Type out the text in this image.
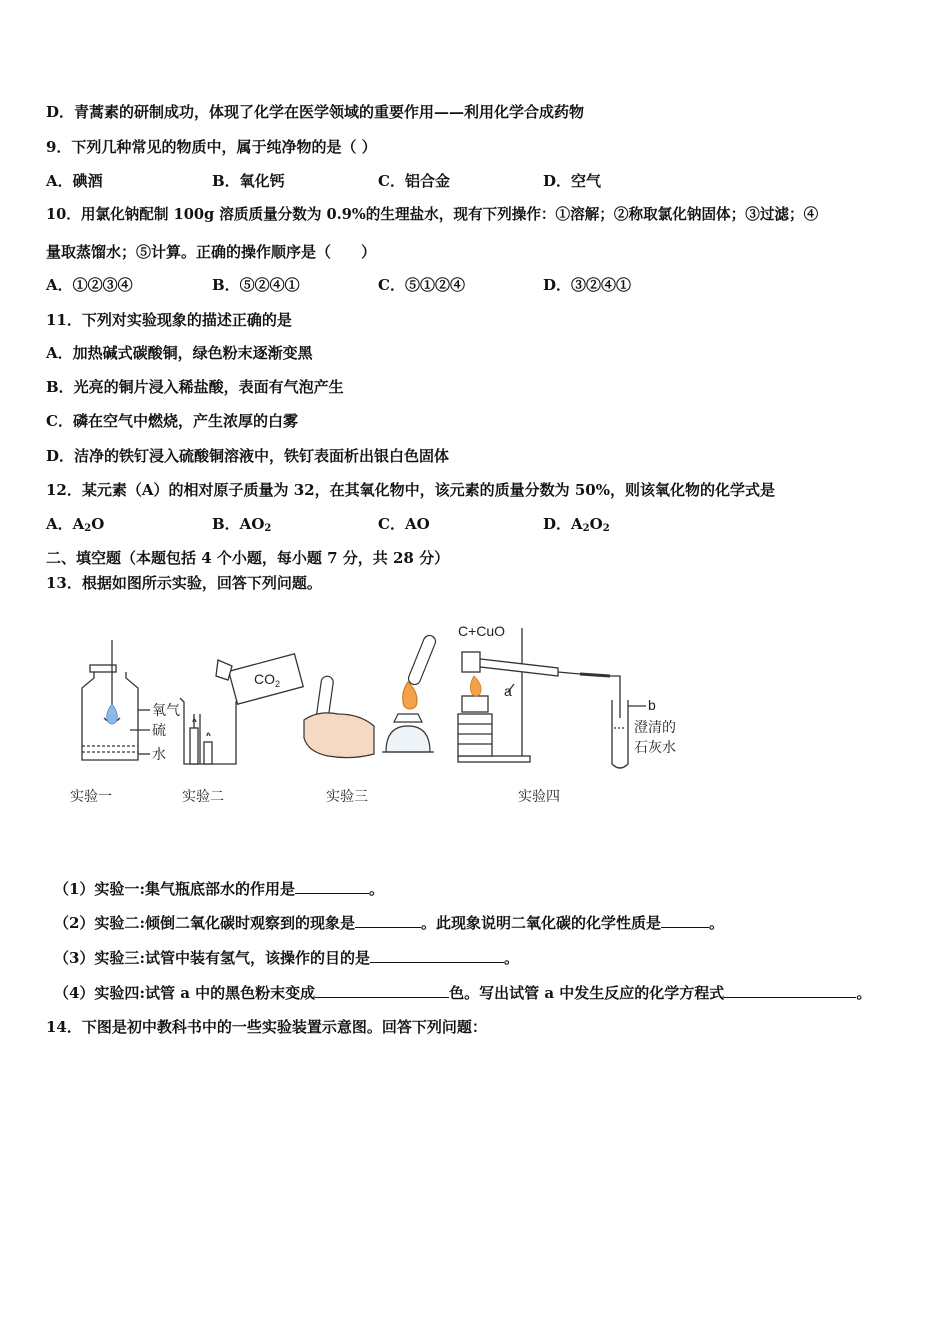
D．青蒿素的研制成功，体现了化学在医学领域的重要作用——利用化学合成药物
9．下列几种常见的物质中，属于纯净物的是（ ）
A．碘酒	B．氧化钙	C．铝合金	D．空气
10．用氯化钠配制 100g 溶质质量分数为 0.9%的生理盐水，现有下列操作：①溶解；②称取氯化钠固体；③过滤；④
量取蒸馏水；⑤计算。正确的操作顺序是（　　）
A．①②③④	B．⑤②④①	C．⑤①②④	D．③②④①
11．下列对实验现象的描述正确的是
A．加热碱式碳酸铜，绿色粉末逐渐变黑
B．光亮的铜片浸入稀盐酸，表面有气泡产生
C．磷在空气中燃烧，产生浓厚的白雾
D．洁净的铁钉浸入硫酸铜溶液中，铁钉表面析出银白色固体
12．某元素（A）的相对原子质量为 32，在其氧化物中，该元素的质量分数为 50%，则该氧化物的化学式是
A．$A_2O$	B．$AO_2$	C．AO	D．$A_2O_2$
二、填空题（本题包括 4 个小题，每小题 7 分，共 28 分）
13．根据如图所示实验，回答下列问题。
氧气
硫
水
实验一
$CO_2$
实验二	实验三
C+CuO
a
b
澄清的
石灰水
实验四
（1）实验一:集气瓶底部水的作用是	。
（2）实验二:倾倒二氧化碳时观察到的现象是	。此现象说明二氧化碳的化学性质是	。
（3）实验三:试管中装有氢气，该操作的目的是	。
（4）实验四:试管 a 中的黑色粉末变成	色。写出试管 a 中发生反应的化学方程式	。
14．下图是初中教科书中的一些实验装置示意图。回答下列问题：
